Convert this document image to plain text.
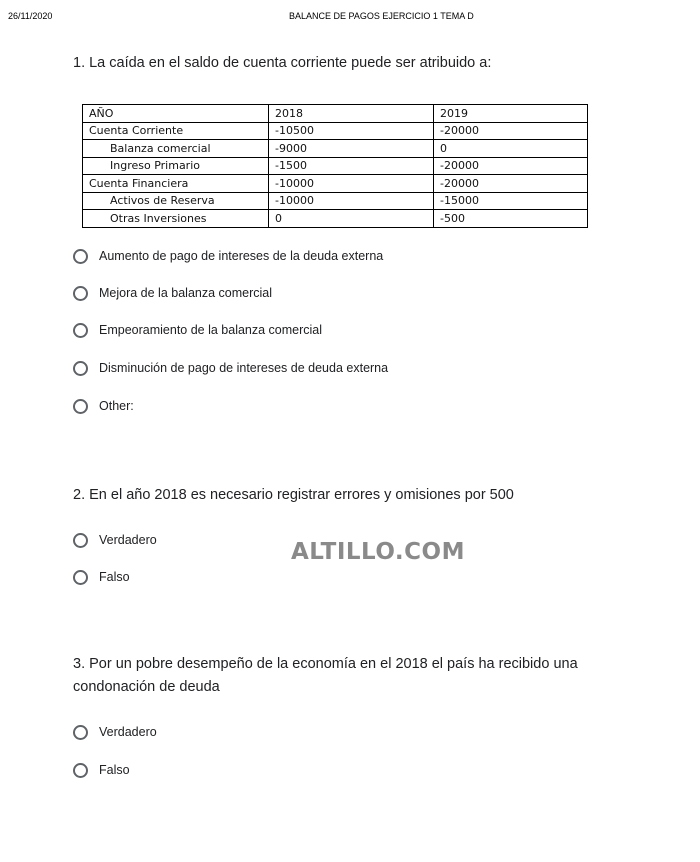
26/11/2020	BALANCE DE PAGOS EJERCICIO 1 TEMA D
1. La caída en el saldo de cuenta corriente puede ser atribuido a:
AÑO	2018	2019
Cuenta Corriente	-10500	-20000
Balanza comercial	-9000	0
Ingreso Primario	-1500	-20000
Cuenta Financiera	-10000	-20000
Activos de Reserva	-10000	-15000
Otras Inversiones	0	-500
Aumento de pago de intereses de la deuda externa
Mejora de la balanza comercial
Empeoramiento de la balanza comercial
Disminución de pago de intereses de deuda externa
Other:
2. En el año 2018 es necesario registrar errores y omisiones por 500
Verdadero
Falso
ALTILLO.COM
3. Por un pobre desempeño de la economía en el 2018 el país ha recibido una condonación de deuda
Verdadero
Falso
